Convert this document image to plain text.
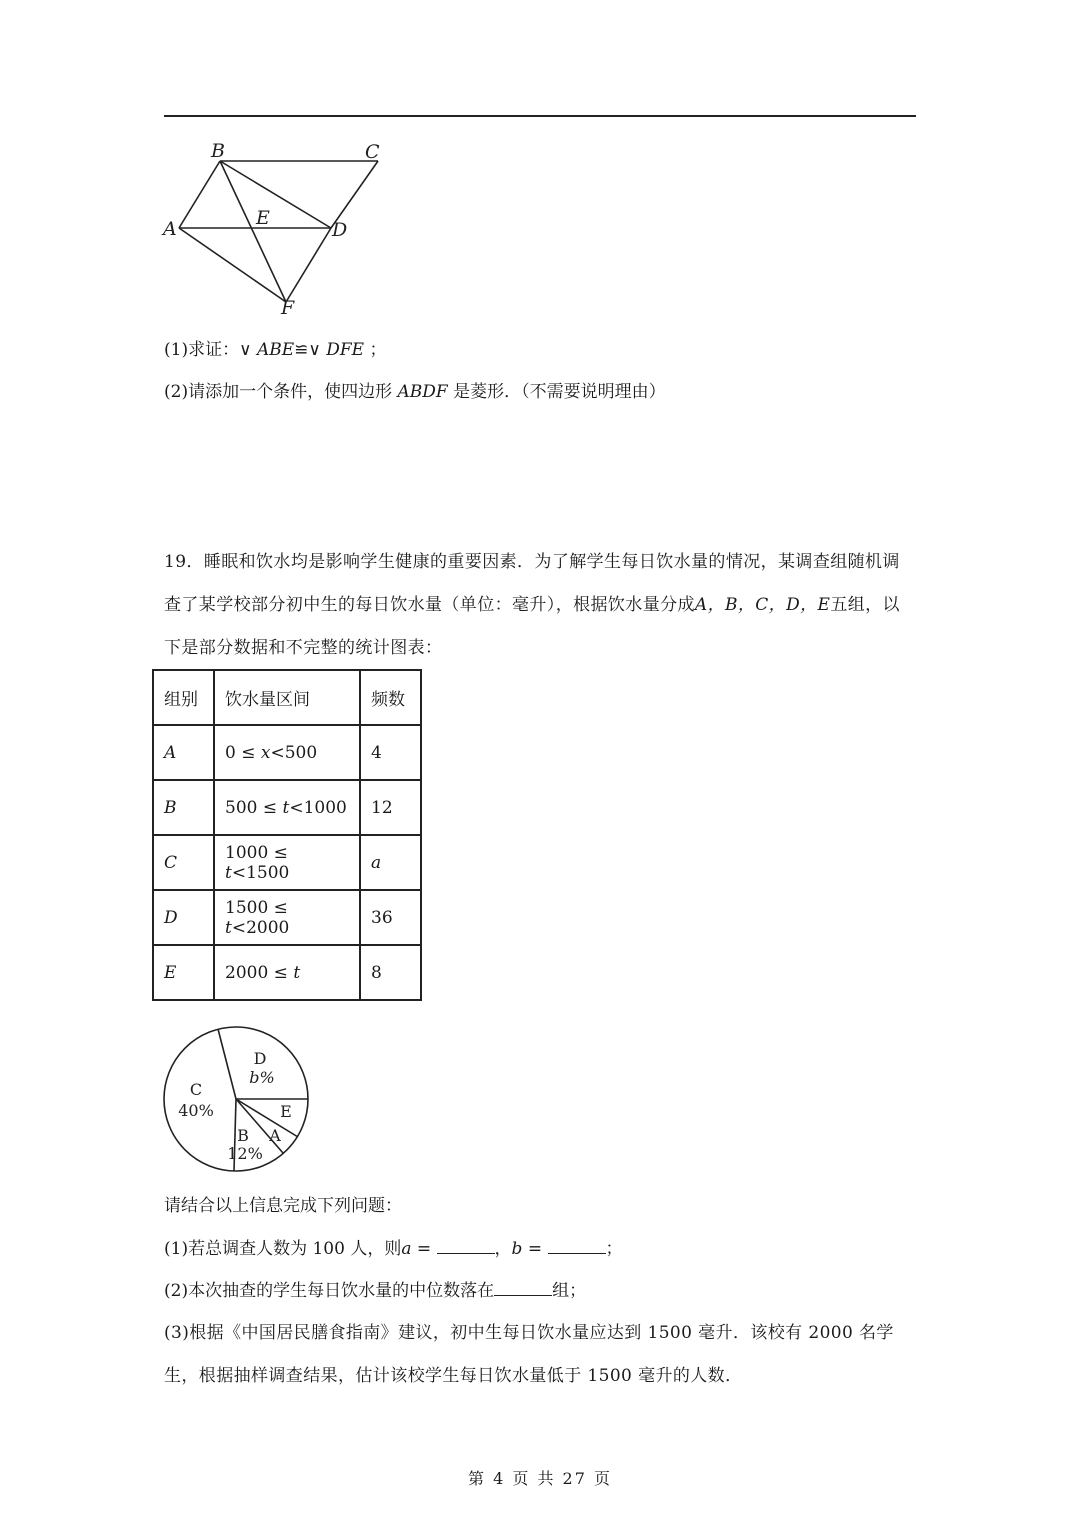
B	C
A	E
D
F
(1)求证：∨ ABE≌∨ DFE ；
(2)请添加一个条件，使四边形 ABDF 是菱形．（不需要说明理由）
19．睡眠和饮水均是影响学生健康的重要因素．为了解学生每日饮水量的情况，某调查组随机调查了某学校部分初中生的每日饮水量（单位：毫升），根据饮水量分成A，B，C，D，E五组，以下是部分数据和不完整的统计图表：
组别	饮水量区间	频数
A	0 ≤ x<500	4
B	500 ≤ t<1000	12
C	1000 ≤ t<1500	a
D	1500 ≤ t<2000	36
E	2000 ≤ t	8
D
b%
C
40%	E
A
B
12%
请结合以上信息完成下列问题：
(1)若总调查人数为 100 人，则a =	，b =	；
(2)本次抽查的学生每日饮水量的中位数落在	组；
(3)根据《中国居民膳食指南》建议，初中生每日饮水量应达到 1500 毫升．该校有 2000 名学生，根据抽样调查结果，估计该校学生每日饮水量低于 1500 毫升的人数．
第 4 页 共 27 页
